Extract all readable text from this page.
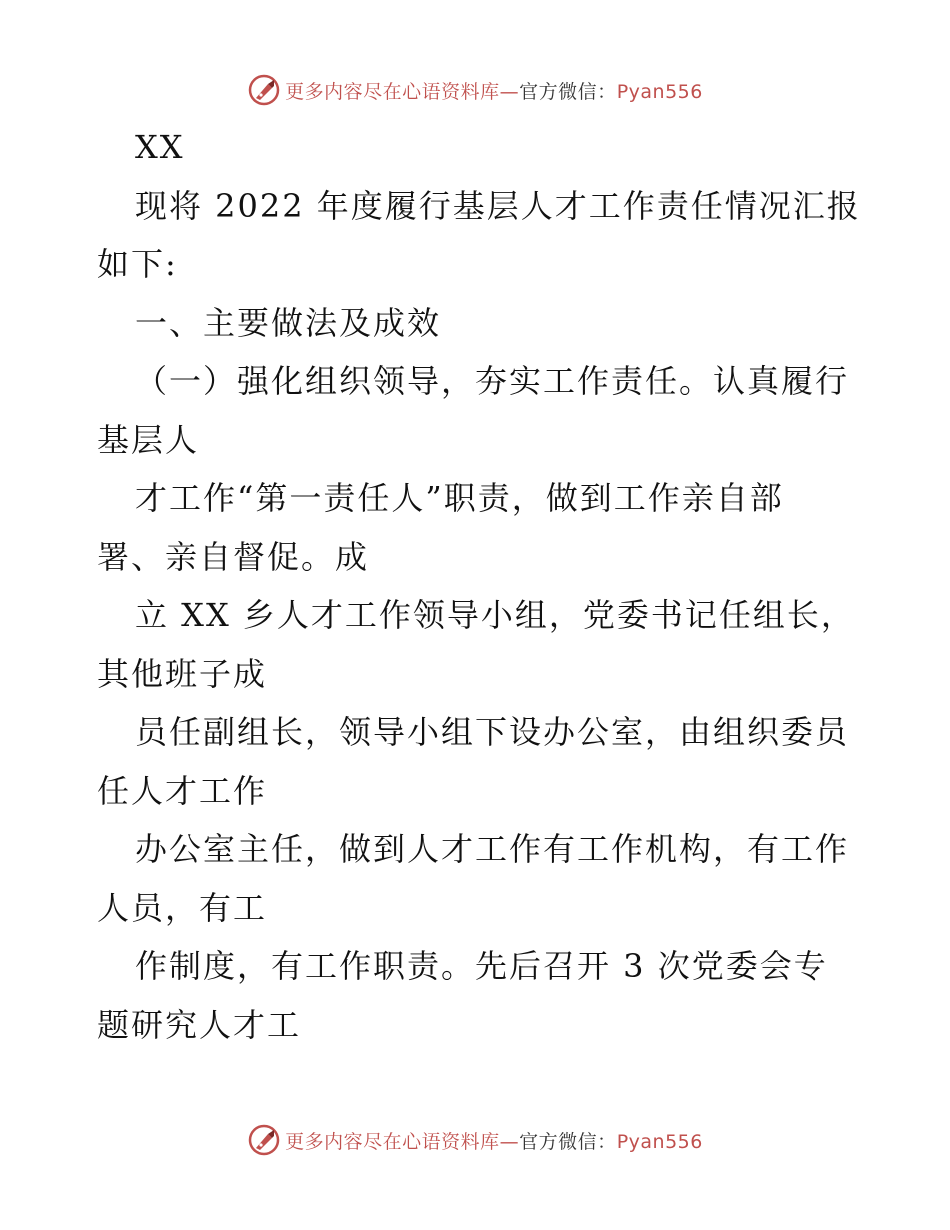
更多内容尽在心语资料库—官方微信：Pyan556
XX
现将 2022 年度履行基层人才工作责任情况汇报
如下:
一、主要做法及成效
（一）强化组织领导，夯实工作责任。认真履行
基层人
才工作“第一责任人”职责，做到工作亲自部
署、亲自督促。成
立 XX 乡人才工作领导小组，党委书记任组长，
其他班子成
员任副组长，领导小组下设办公室，由组织委员
任人才工作
办公室主任，做到人才工作有工作机构，有工作
人员，有工
作制度，有工作职责。先后召开 3 次党委会专
题研究人才工
更多内容尽在心语资料库—官方微信：Pyan556
